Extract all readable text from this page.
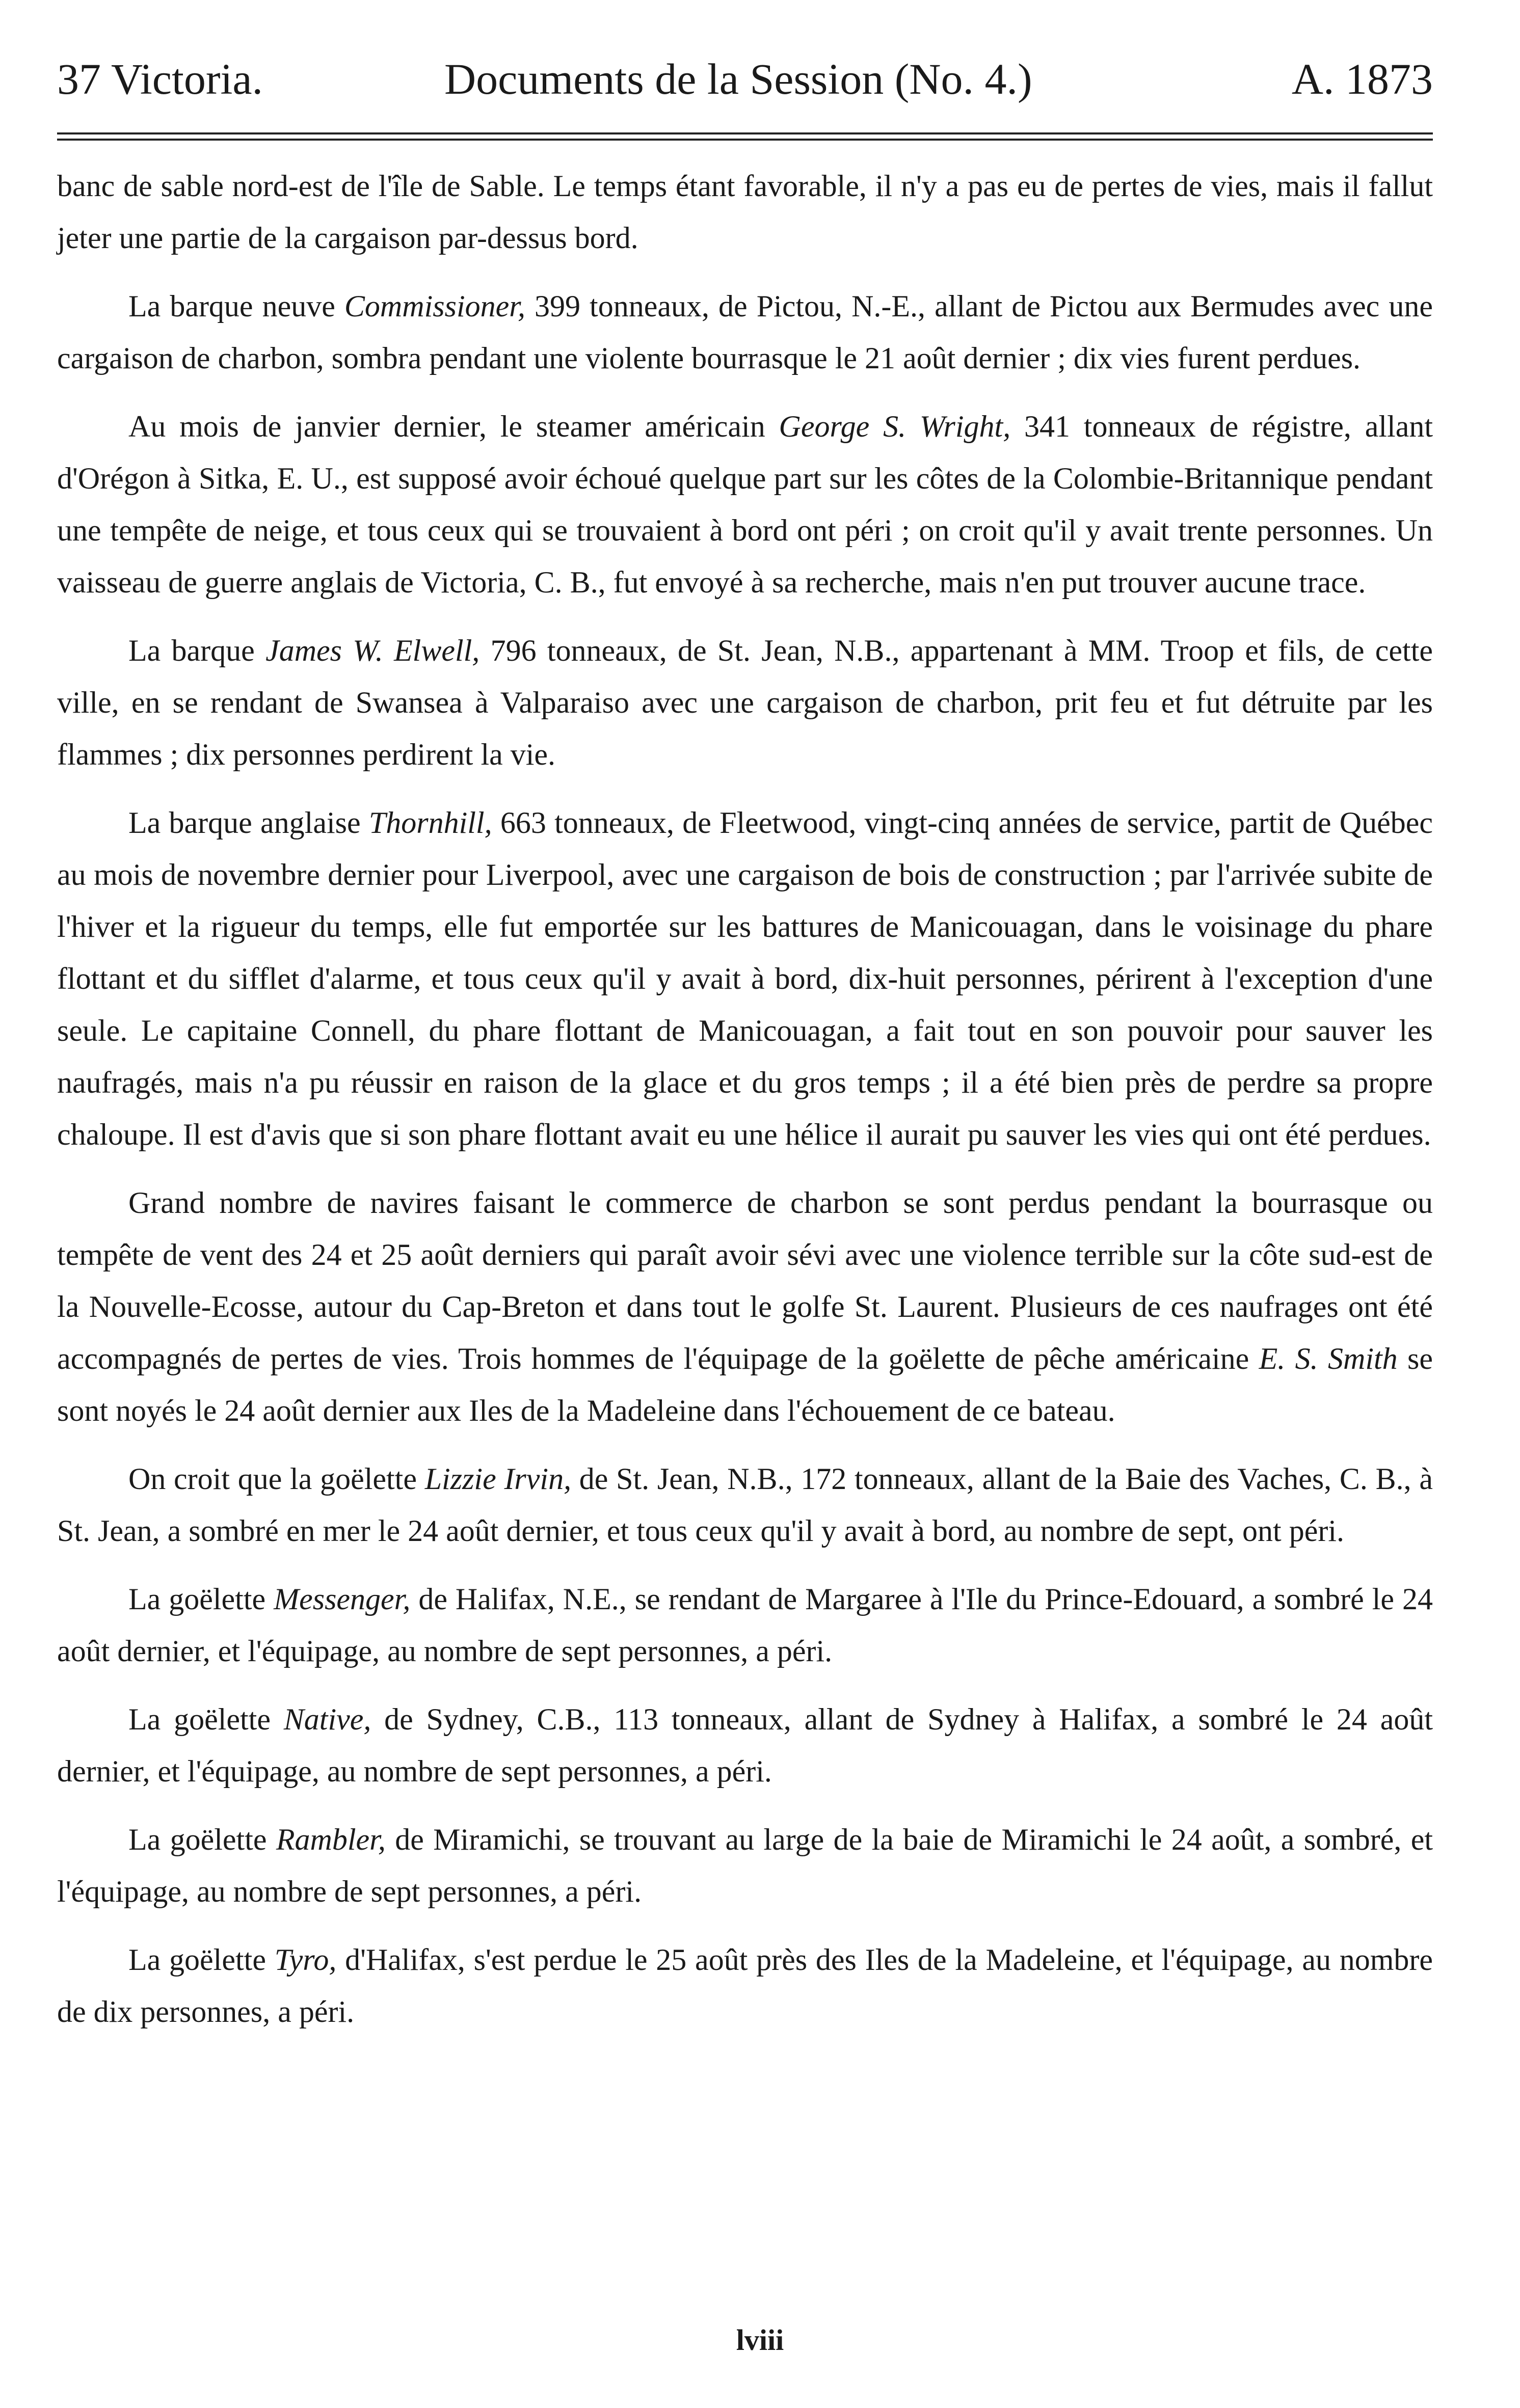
37 Victoria.	Documents de la Session (No. 4.)	A. 1873

banc de sable nord-est de l'île de Sable. Le temps étant favorable, il n'y a pas eu de pertes de vies, mais il fallut jeter une partie de la cargaison par-dessus bord.

La barque neuve Commissioner, 399 tonneaux, de Pictou, N.-E., allant de Pictou aux Bermudes avec une cargaison de charbon, sombra pendant une violente bourrasque le 21 août dernier ; dix vies furent perdues.

Au mois de janvier dernier, le steamer américain George S. Wright, 341 tonneaux de régistre, allant d'Orégon à Sitka, E. U., est supposé avoir échoué quelque part sur les côtes de la Colombie-Britannique pendant une tempête de neige, et tous ceux qui se trouvaient à bord ont péri ; on croit qu'il y avait trente personnes. Un vaisseau de guerre anglais de Victoria, C. B., fut envoyé à sa recherche, mais n'en put trouver aucune trace.

La barque James W. Elwell, 796 tonneaux, de St. Jean, N.B., appartenant à MM. Troop et fils, de cette ville, en se rendant de Swansea à Valparaiso avec une cargaison de charbon, prit feu et fut détruite par les flammes ; dix personnes perdirent la vie.

La barque anglaise Thornhill, 663 tonneaux, de Fleetwood, vingt-cinq années de service, partit de Québec au mois de novembre dernier pour Liverpool, avec une cargaison de bois de construction ; par l'arrivée subite de l'hiver et la rigueur du temps, elle fut emportée sur les battures de Manicouagan, dans le voisinage du phare flottant et du sifflet d'alarme, et tous ceux qu'il y avait à bord, dix-huit personnes, périrent à l'exception d'une seule. Le capitaine Connell, du phare flottant de Manicouagan, a fait tout en son pouvoir pour sauver les naufragés, mais n'a pu réussir en raison de la glace et du gros temps ; il a été bien près de perdre sa propre chaloupe. Il est d'avis que si son phare flottant avait eu une hélice il aurait pu sauver les vies qui ont été perdues.

Grand nombre de navires faisant le commerce de charbon se sont perdus pendant la bourrasque ou tempête de vent des 24 et 25 août derniers qui paraît avoir sévi avec une violence terrible sur la côte sud-est de la Nouvelle-Ecosse, autour du Cap-Breton et dans tout le golfe St. Laurent. Plusieurs de ces naufrages ont été accompagnés de pertes de vies. Trois hommes de l'équipage de la goëlette de pêche américaine E. S. Smith se sont noyés le 24 août dernier aux Iles de la Madeleine dans l'échouement de ce bateau.

On croit que la goëlette Lizzie Irvin, de St. Jean, N.B., 172 tonneaux, allant de la Baie des Vaches, C. B., à St. Jean, a sombré en mer le 24 août dernier, et tous ceux qu'il y avait à bord, au nombre de sept, ont péri.

La goëlette Messenger, de Halifax, N.E., se rendant de Margaree à l'Ile du Prince-Edouard, a sombré le 24 août dernier, et l'équipage, au nombre de sept personnes, a péri.

La goëlette Native, de Sydney, C.B., 113 tonneaux, allant de Sydney à Halifax, a sombré le 24 août dernier, et l'équipage, au nombre de sept personnes, a péri.

La goëlette Rambler, de Miramichi, se trouvant au large de la baie de Miramichi le 24 août, a sombré, et l'équipage, au nombre de sept personnes, a péri.

La goëlette Tyro, d'Halifax, s'est perdue le 25 août près des Iles de la Madeleine, et l'équipage, au nombre de dix personnes, a péri.

lviii
